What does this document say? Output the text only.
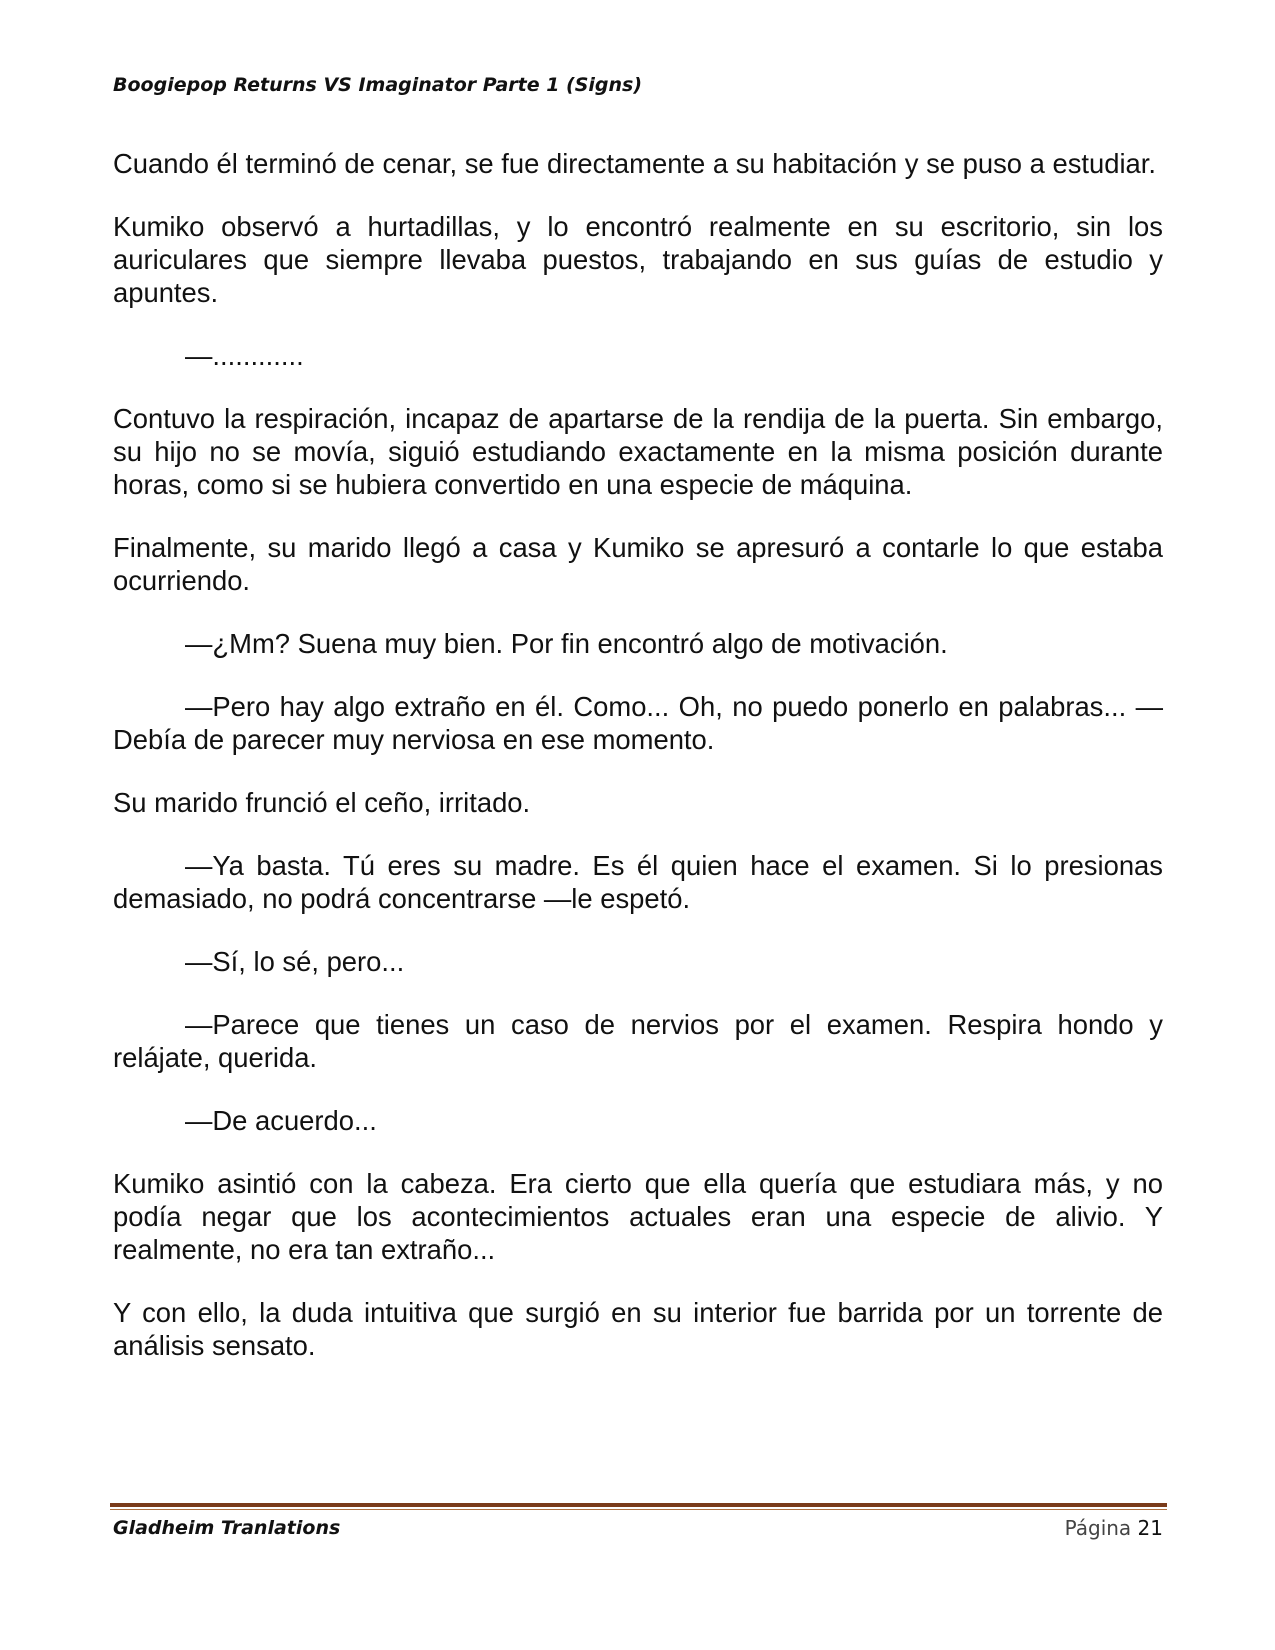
Boogiepop Returns VS Imaginator Parte 1 (Signs)

Cuando él terminó de cenar, se fue directamente a su habitación y se puso a estudiar.

Kumiko observó a hurtadillas, y lo encontró realmente en su escritorio, sin los auriculares que siempre llevaba puestos, trabajando en sus guías de estudio y apuntes.

—............

Contuvo la respiración, incapaz de apartarse de la rendija de la puerta. Sin embargo, su hijo no se movía, siguió estudiando exactamente en la misma posición durante horas, como si se hubiera convertido en una especie de máquina.

Finalmente, su marido llegó a casa y Kumiko se apresuró a contarle lo que estaba ocurriendo.

—¿Mm? Suena muy bien. Por fin encontró algo de motivación.

—Pero hay algo extraño en él. Como... Oh, no puedo ponerlo en palabras... —Debía de parecer muy nerviosa en ese momento.

Su marido frunció el ceño, irritado.

—Ya basta. Tú eres su madre. Es él quien hace el examen. Si lo presionas demasiado, no podrá concentrarse —le espetó.

—Sí, lo sé, pero...

—Parece que tienes un caso de nervios por el examen. Respira hondo y relájate, querida.

—De acuerdo...

Kumiko asintió con la cabeza. Era cierto que ella quería que estudiara más, y no podía negar que los acontecimientos actuales eran una especie de alivio. Y realmente, no era tan extraño...

Y con ello, la duda intuitiva que surgió en su interior fue barrida por un torrente de análisis sensato.

Gladheim Tranlations	Página 21
